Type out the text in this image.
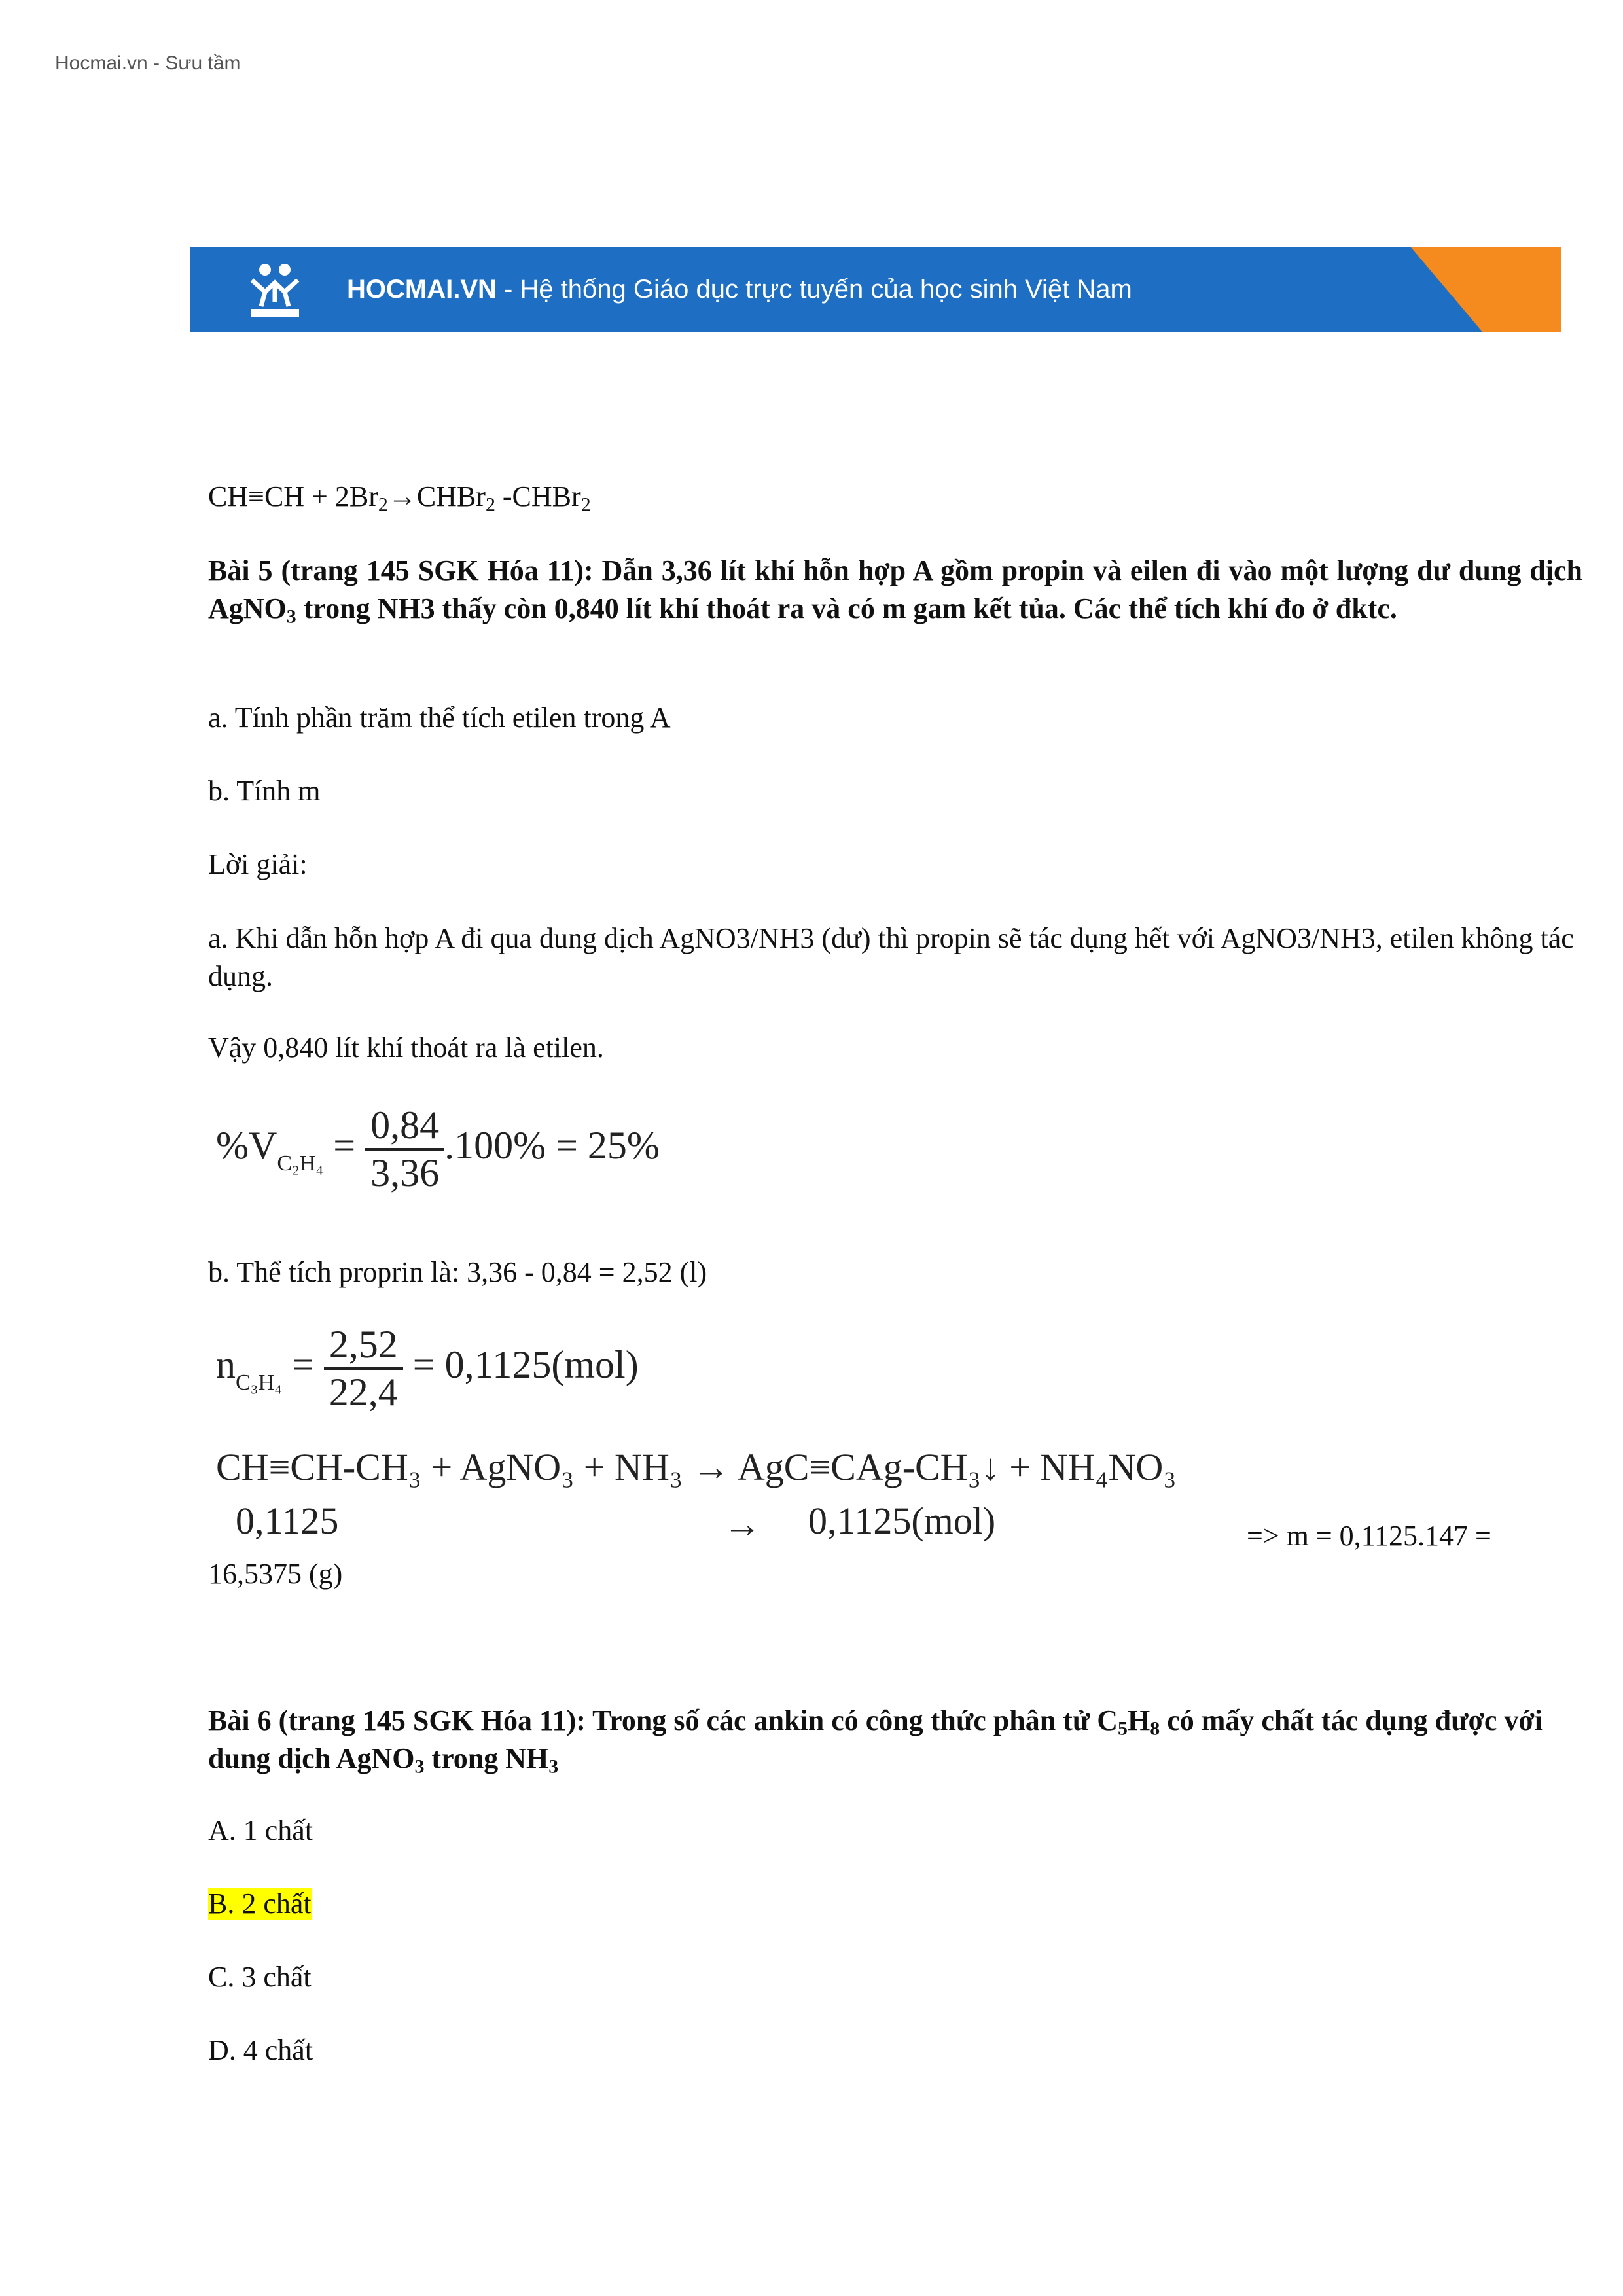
Hocmai.vn - Sưu tầm
HOCMAI.VN - Hệ thống Giáo dục trực tuyến của học sinh Việt Nam
$CH\equiv CH + 2Br_2\to CHBr_2$ -CHBr$_2$
Bài 5 (trang 145 SGK Hóa 11): Dẫn 3,36 lít khí hỗn hợp A gồm propin và eilen đi vào một lượng dư dung dịch AgNO$_3$ trong NH3 thấy còn 0,840 lít khí thoát ra và có m gam kết tủa. Các thể tích khí đo ở đktc.
a. Tính phần trăm thể tích etilen trong A
b. Tính m
Lời giải:
a. Khi dẫn hỗn hợp A đi qua dung dịch AgNO3/NH3 (dư) thì propin sẽ tác dụng hết với AgNO3/NH3, etilen không tác dụng.
Vậy 0,840 lít khí thoát ra là etilen.
$\%V_{C_2H_4} = \frac{0,84}{3,36} .100\% = 25\%$
b. Thể tích proprin là: 3,36 - 0,84 = 2,52 (l)
$n_{C_3H_4} = \frac{2,52}{22,4} = 0,1125(mol)$
CH≡CH-CH₃ + AgNO₃ + NH₃ → AgC≡CAg-CH₃↓ + NH₄NO₃
0,1125	→ 0,1125(mol)	=> m = 0,1125.147 =
16,5375 (g)
Bài 6 (trang 145 SGK Hóa 11): Trong số các ankin có công thức phân tử $C_5H_8$ có mấy chất tác dụng được với dung dịch AgNO$_3$ trong $NH_3$
A. 1 chất
B. 2 chất
C. 3 chất
D. 4 chất
